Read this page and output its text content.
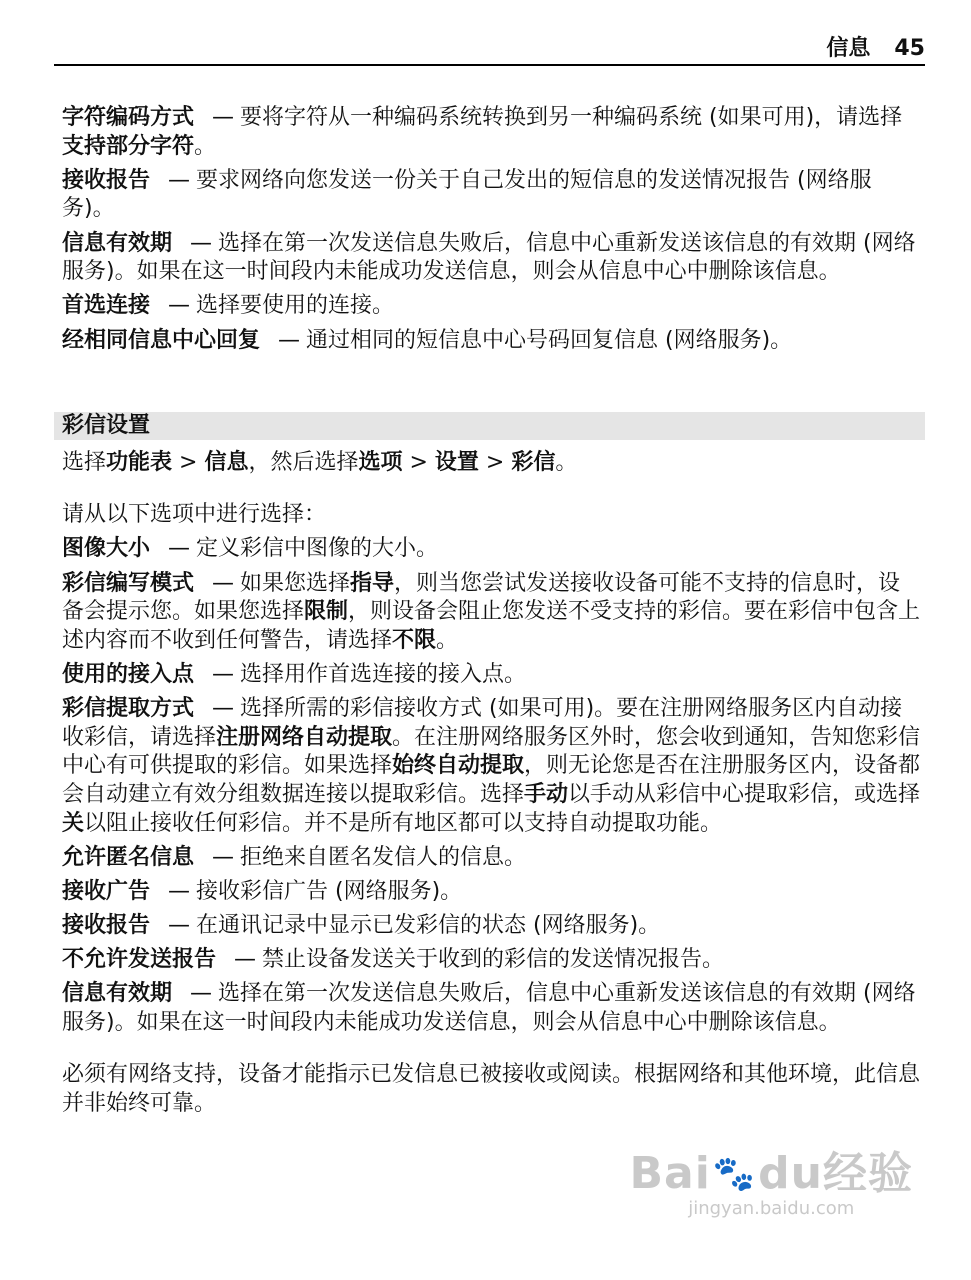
信息 45

字符编码方式 — 要将字符从一种编码系统转换到另一种编码系统 (如果可用)，请选择支持部分字符。

接收报告 — 要求网络向您发送一份关于自己发出的短信息的发送情况报告 (网络服务)。

信息有效期 — 选择在第一次发送信息失败后，信息中心重新发送该信息的有效期 (网络服务)。如果在这一时间段内未能成功发送信息，则会从信息中心中删除该信息。

首选连接 — 选择要使用的连接。

经相同信息中心回复 — 通过相同的短信息中心号码回复信息 (网络服务)。

彩信设置

选择功能表 > 信息，然后选择选项 > 设置 > 彩信。

请从以下选项中进行选择：

图像大小 — 定义彩信中图像的大小。

彩信编写模式 — 如果您选择指导，则当您尝试发送接收设备可能不支持的信息时，设备会提示您。如果您选择限制，则设备会阻止您发送不受支持的彩信。要在彩信中包含上述内容而不收到任何警告，请选择不限。

使用的接入点 — 选择用作首选连接的接入点。

彩信提取方式 — 选择所需的彩信接收方式 (如果可用)。要在注册网络服务区内自动接收彩信，请选择注册网络自动提取。在注册网络服务区外时，您会收到通知，告知您彩信中心有可供提取的彩信。如果选择始终自动提取，则无论您是否在注册服务区内，设备都会自动建立有效分组数据连接以提取彩信。选择手动以手动从彩信中心提取彩信，或选择关以阻止接收任何彩信。并不是所有地区都可以支持自动提取功能。

允许匿名信息 — 拒绝来自匿名发信人的信息。

接收广告 — 接收彩信广告 (网络服务)。

接收报告 — 在通讯记录中显示已发彩信的状态 (网络服务)。

不允许发送报告 — 禁止设备发送关于收到的彩信的发送情况报告。

信息有效期 — 选择在第一次发送信息失败后，信息中心重新发送该信息的有效期 (网络服务)。如果在这一时间段内未能成功发送信息，则会从信息中心中删除该信息。

必须有网络支持，设备才能指示已发信息已被接收或阅读。根据网络和其他环境，此信息并非始终可靠。

Bai🐾du经验
jingyan.baidu.com
